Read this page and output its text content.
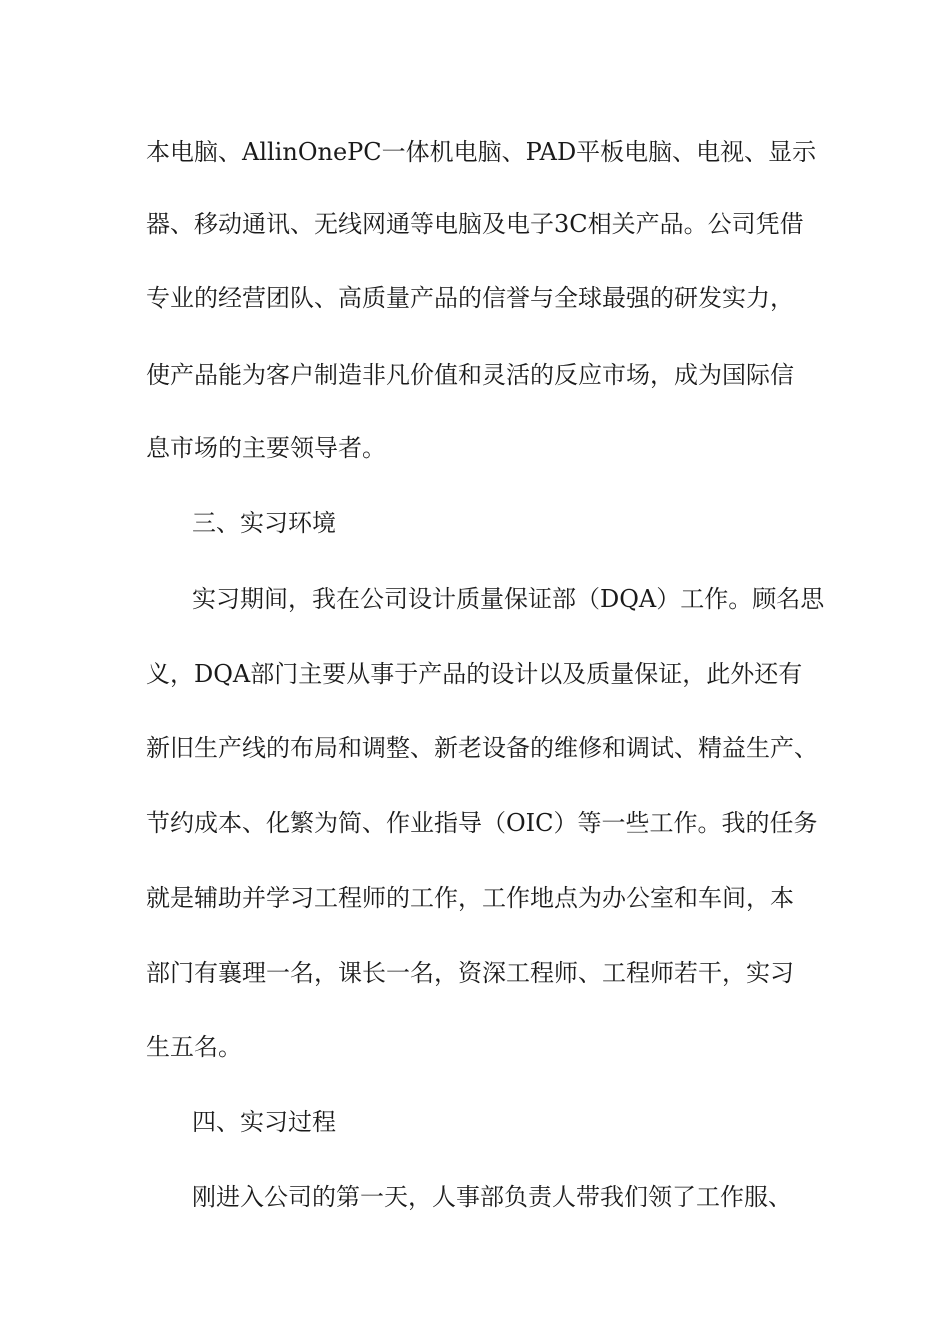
本电脑、AllinOnePC一体机电脑、PAD平板电脑、电视、显示
器、移动通讯、无线网通等电脑及电子3C相关产品。公司凭借
专业的经营团队、高质量产品的信誉与全球最强的研发实力，
使产品能为客户制造非凡价值和灵活的反应市场，成为国际信
息市场的主要领导者。
三、实习环境
实习期间，我在公司设计质量保证部（DQA）工作。顾名思
义，DQA部门主要从事于产品的设计以及质量保证，此外还有
新旧生产线的布局和调整、新老设备的维修和调试、精益生产、
节约成本、化繁为简、作业指导（OIC）等一些工作。我的任务
就是辅助并学习工程师的工作，工作地点为办公室和车间，本
部门有襄理一名，课长一名，资深工程师、工程师若干，实习
生五名。
四、实习过程
刚进入公司的第一天，人事部负责人带我们领了工作服、
